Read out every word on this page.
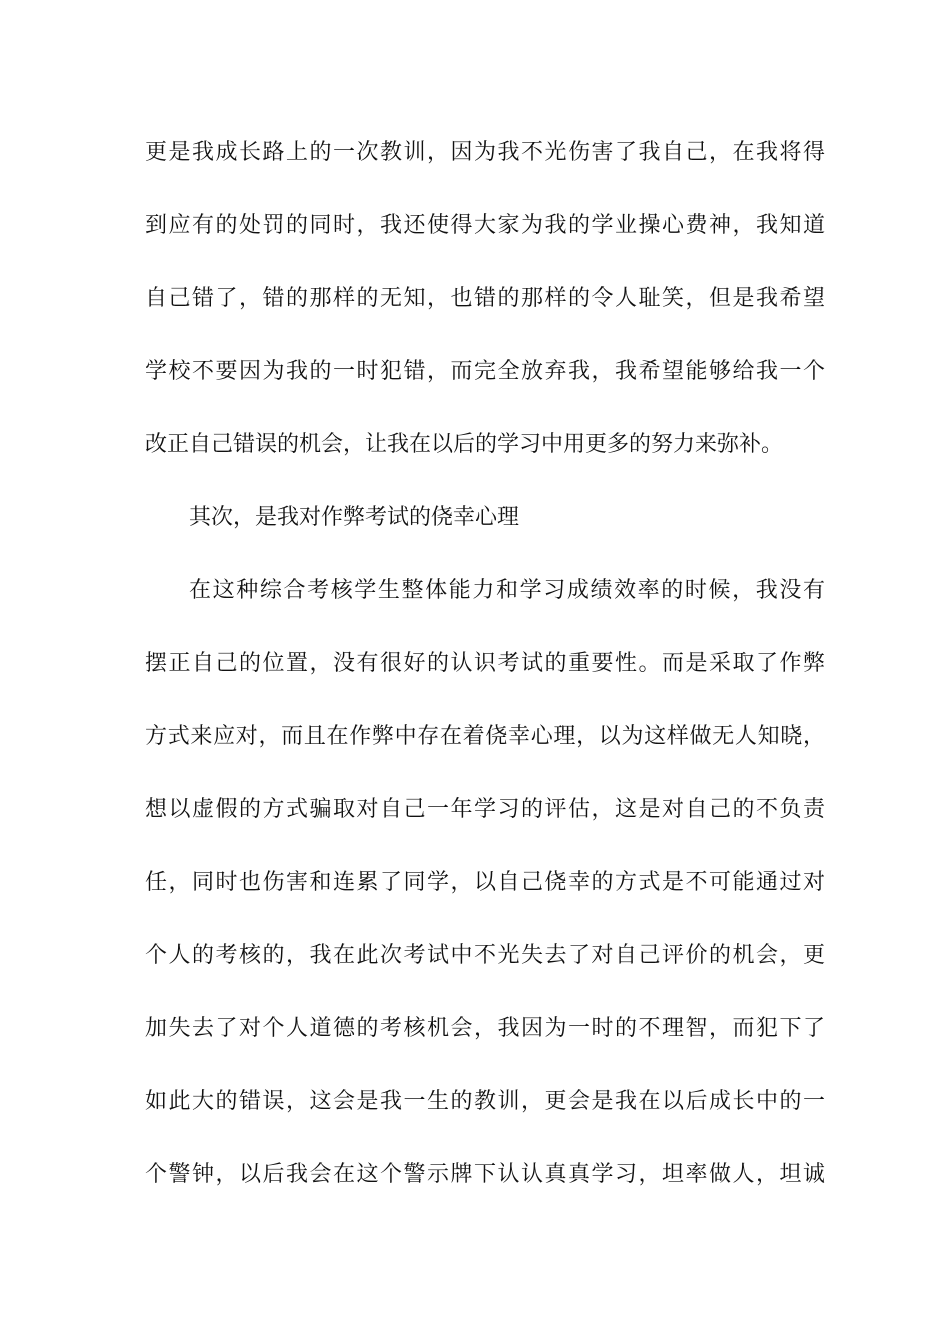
更是我成长路上的一次教训，因为我不光伤害了我自己，在我将得
到应有的处罚的同时，我还使得大家为我的学业操心费神，我知道
自己错了，错的那样的无知，也错的那样的令人耻笑，但是我希望
学校不要因为我的一时犯错，而完全放弃我，我希望能够给我一个
改正自己错误的机会，让我在以后的学习中用更多的努力来弥补。
其次，是我对作弊考试的侥幸心理
在这种综合考核学生整体能力和学习成绩效率的时候，我没有
摆正自己的位置，没有很好的认识考试的重要性。而是采取了作弊
方式来应对，而且在作弊中存在着侥幸心理，以为这样做无人知晓，
想以虚假的方式骗取对自己一年学习的评估，这是对自己的不负责
任，同时也伤害和连累了同学，以自己侥幸的方式是不可能通过对
个人的考核的，我在此次考试中不光失去了对自己评价的机会，更
加失去了对个人道德的考核机会，我因为一时的不理智，而犯下了
如此大的错误，这会是我一生的教训，更会是我在以后成长中的一
个警钟，以后我会在这个警示牌下认认真真学习，坦率做人，坦诚
